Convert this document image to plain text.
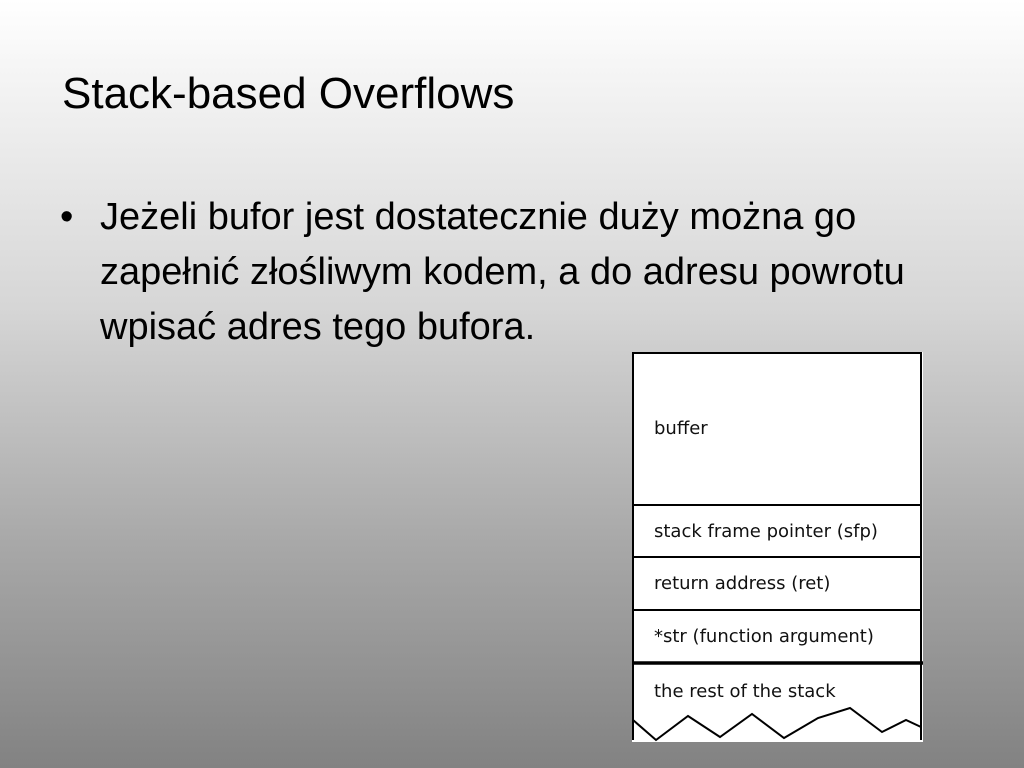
Stack-based Overflows
• Jeżeli bufor jest dostatecznie duży można go zapełnić złośliwym kodem, a do adresu powrotu wpisać adres tego bufora.
buffer
stack frame pointer (sfp)
return address (ret)
*str (function argument)
the rest of the stack
